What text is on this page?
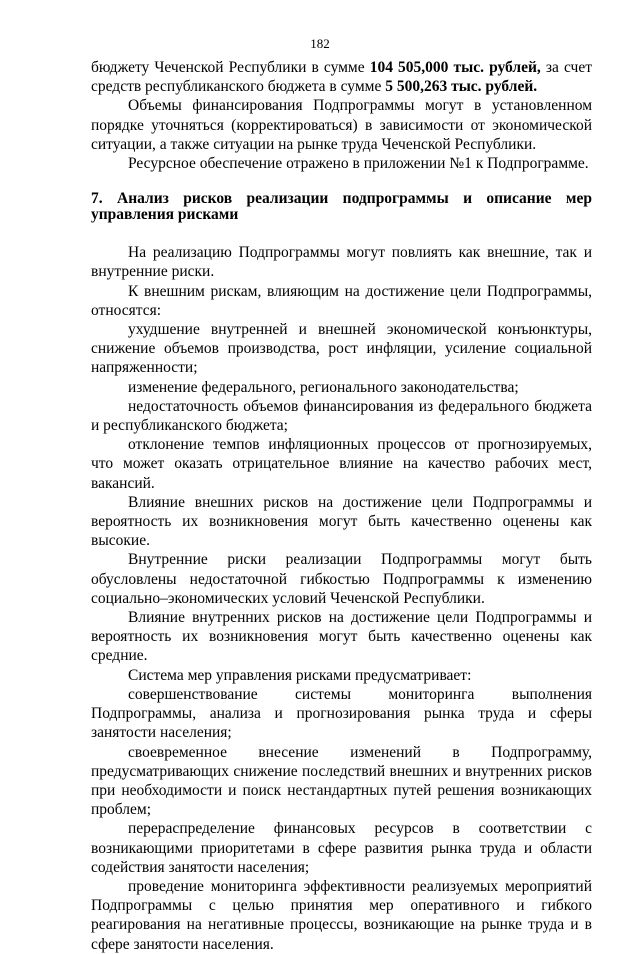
182

бюджету Чеченской Республики в сумме 104 505,000 тыс. рублей, за счет средств республиканского бюджета в сумме 5 500,263 тыс. рублей.

Объемы финансирования Подпрограммы могут в установленном порядке уточняться (корректироваться) в зависимости от экономической ситуации, а также ситуации на рынке труда Чеченской Республики.

Ресурсное обеспечение отражено в приложении №1 к Подпрограмме.

7. Анализ рисков реализации подпрограммы и описание мер управления рисками

На реализацию Подпрограммы могут повлиять как внешние, так и внутренние риски.

К внешним рискам, влияющим на достижение цели Подпрограммы, относятся:

ухудшение внутренней и внешней экономической конъюнктуры, снижение объемов производства, рост инфляции, усиление социальной напряженности;

изменение федерального, регионального законодательства;

недостаточность объемов финансирования из федерального бюджета и республиканского бюджета;

отклонение темпов инфляционных процессов от прогнозируемых, что может оказать отрицательное влияние на качество рабочих мест, вакансий.

Влияние внешних рисков на достижение цели Подпрограммы и вероятность их возникновения могут быть качественно оценены как высокие.

Внутренние риски реализации Подпрограммы могут быть обусловлены недостаточной гибкостью Подпрограммы к изменению социально–экономических условий Чеченской Республики.

Влияние внутренних рисков на достижение цели Подпрограммы и вероятность их возникновения могут быть качественно оценены как средние.

Система мер управления рисками предусматривает:

совершенствование системы мониторинга выполнения Подпрограммы, анализа и прогнозирования рынка труда и сферы занятости населения;

своевременное внесение изменений в Подпрограмму, предусматривающих снижение последствий внешних и внутренних рисков при необходимости и поиск нестандартных путей решения возникающих проблем;

перераспределение финансовых ресурсов в соответствии с возникающими приоритетами в сфере развития рынка труда и области содействия занятости населения;

проведение мониторинга эффективности реализуемых мероприятий Подпрограммы с целью принятия мер оперативного и гибкого реагирования на негативные процессы, возникающие на рынке труда и в сфере занятости населения.
